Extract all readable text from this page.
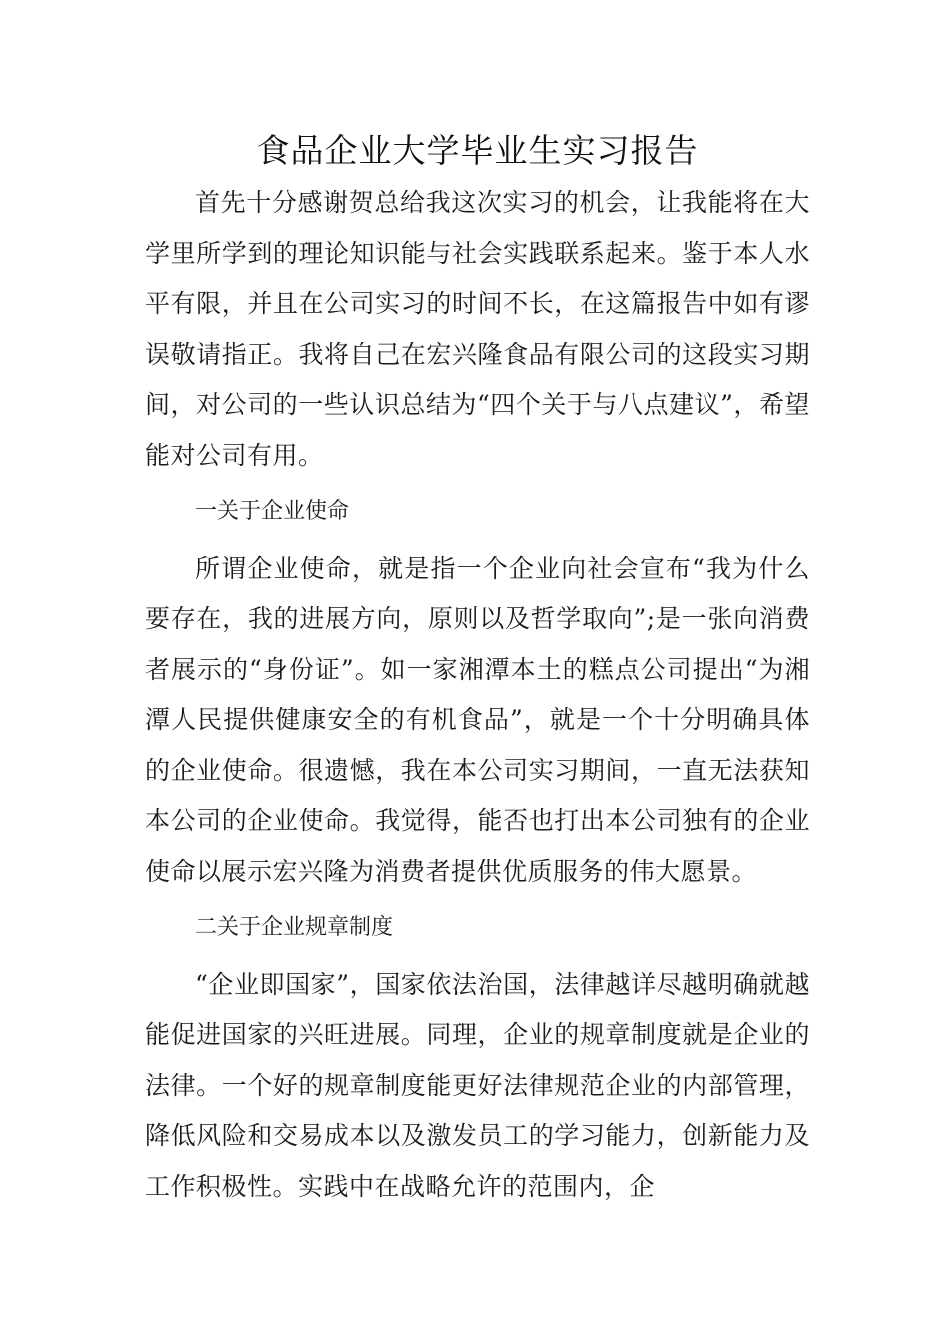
食品企业大学毕业生实习报告

首先十分感谢贺总给我这次实习的机会，让我能将在大学里所学到的理论知识能与社会实践联系起来。鉴于本人水平有限，并且在公司实习的时间不长，在这篇报告中如有谬误敬请指正。我将自己在宏兴隆食品有限公司的这段实习期间，对公司的一些认识总结为“四个关于与八点建议”，希望能对公司有用。

一关于企业使命

所谓企业使命，就是指一个企业向社会宣布“我为什么要存在，我的进展方向，原则以及哲学取向”;是一张向消费者展示的“身份证”。如一家湘潭本土的糕点公司提出“为湘潭人民提供健康安全的有机食品”，就是一个十分明确具体的企业使命。很遗憾，我在本公司实习期间，一直无法获知本公司的企业使命。我觉得，能否也打出本公司独有的企业使命以展示宏兴隆为消费者提供优质服务的伟大愿景。

二关于企业规章制度

“企业即国家”，国家依法治国，法律越详尽越明确就越能促进国家的兴旺进展。同理，企业的规章制度就是企业的法律。一个好的规章制度能更好法律规范企业的内部管理，降低风险和交易成本以及激发员工的学习能力，创新能力及工作积极性。实践中在战略允许的范围内，企
